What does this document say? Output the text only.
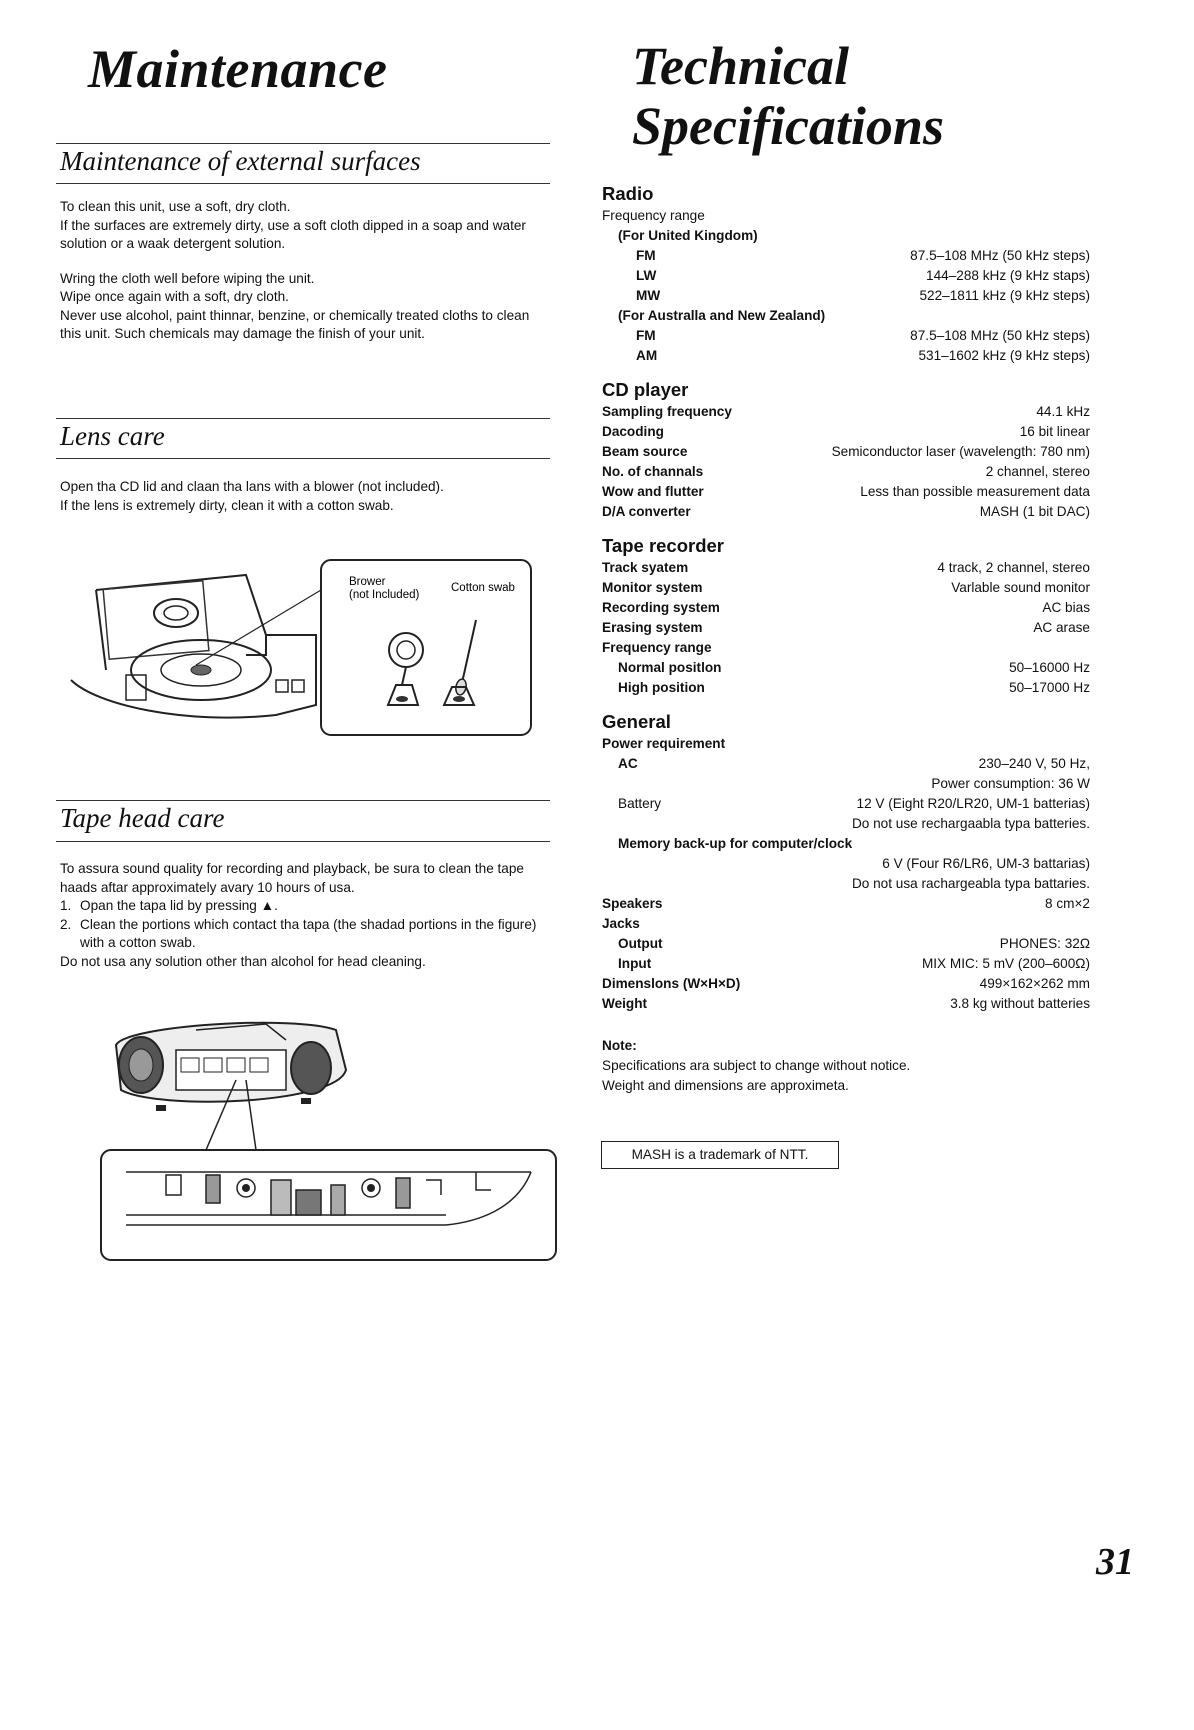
Maintenance
Maintenance of external surfaces

To clean this unit, use a soft, dry cloth.

If the surfaces are extremely dirty, use a soft cloth dipped in a soap and water solution or a waak detergent solution.

Wring the cloth well before wiping the unit.

Wipe once again with a soft, dry cloth.

Never use alcohol, paint thinnar, benzine, or chemically treated cloths to clean this unit. Such chemicals may damage the finish of your unit.

Lens care

Open tha CD lid and claan tha lans with a blower (not included).

If the lens is extremely dirty, clean it with a cotton swab.

Brower
(not Included)
Cotton swab
Tape head care

To assura sound quality for recording and playback, be sura to clean the tape haads aftar approximately avary 10 hours of usa.

1. Opan the tapa lid by pressing ▲.
2. Clean the portions which contact tha tapa (the shadad portions in the figure) with a cotton swab.

Do not usa any solution other than alcohol for head cleaning.

Technical
Specifications
Radio
Frequency range
(For United Kingdom)
FM	87.5–108 MHz (50 kHz steps)
LW	144–288 kHz (9 kHz staps)
MW	522–1811 kHz (9 kHz steps)
(For Australla and New Zealand)
FM	87.5–108 MHz (50 kHz steps)
AM	531–1602 kHz (9 kHz steps)
CD player
Sampling frequency	44.1 kHz
Dacoding	16 bit linear
Beam source	Semiconductor laser (wavelength: 780 nm)
No. of channals	2 channel, stereo
Wow and flutter	Less than possible measurement data
D/A converter	MASH (1 bit DAC)
Tape recorder
Track syatem	4 track, 2 channel, stereo
Monitor system	Varlable sound monitor
Recording system	AC bias
Erasing system	AC arase
Frequency range
Normal positlon	50–16000 Hz
High position	50–17000 Hz
General
Power requirement
AC	230–240 V, 50 Hz,
Power consumption: 36 W
Battery	12 V (Eight R20/LR20, UM-1 batterias)
Do not use rechargaabla typa batteries.
Memory back-up for computer/clock
6 V (Four R6/LR6, UM-3 battarias)
Do not usa rachargeabla typa battaries.
Speakers	8 cm×2
Jacks
Output	PHONES: 32Ω
Input	MIX MIC: 5 mV (200–600Ω)
Dimenslons (W×H×D)	499×162×262 mm
Weight	3.8 kg without batteries
Note:
Specifications ara subject to change without notice.
Weight and dimensions are approximeta.
MASH is a trademark of NTT.
31
